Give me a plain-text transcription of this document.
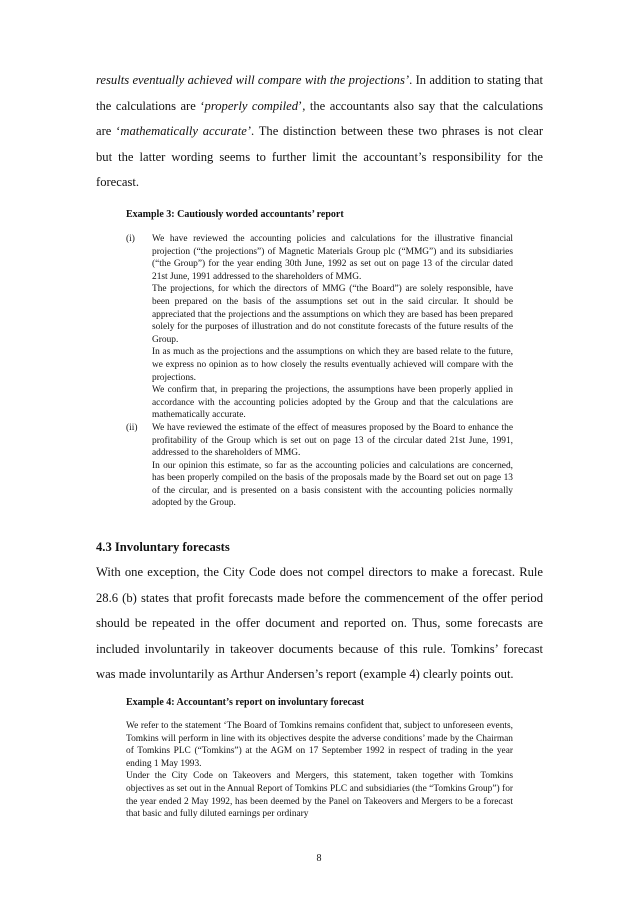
results eventually achieved will compare with the projections’. In addition to stating that the calculations are ‘properly compiled’, the accountants also say that the calculations are ‘mathematically accurate’. The distinction between these two phrases is not clear but the latter wording seems to further limit the accountant’s responsibility for the forecast.
Example 3: Cautiously worded accountants’ report
(i)	We have reviewed the accounting policies and calculations for the illustrative financial projection (“the projections”) of Magnetic Materials Group plc (“MMG”) and its subsidiaries (“the Group”) for the year ending 30th June, 1992 as set out on page 13 of the circular dated 21st June, 1991 addressed to the shareholders of MMG.
The projections, for which the directors of MMG (“the Board”) are solely responsible, have been prepared on the basis of the assumptions set out in the said circular. It should be appreciated that the projections and the assumptions on which they are based has been prepared solely for the purposes of illustration and do not constitute forecasts of the future results of the Group.
In as much as the projections and the assumptions on which they are based relate to the future, we express no opinion as to how closely the results eventually achieved will compare with the projections.
We confirm that, in preparing the projections, the assumptions have been properly applied in accordance with the accounting policies adopted by the Group and that the calculations are mathematically accurate.
(ii)	We have reviewed the estimate of the effect of measures proposed by the Board to enhance the profitability of the Group which is set out on page 13 of the circular dated 21st June, 1991, addressed to the shareholders of MMG.
In our opinion this estimate, so far as the accounting policies and calculations are concerned, has been properly compiled on the basis of the proposals made by the Board set out on page 13 of the circular, and is presented on a basis consistent with the accounting policies normally adopted by the Group.
4.3 Involuntary forecasts
With one exception, the City Code does not compel directors to make a forecast. Rule 28.6 (b) states that profit forecasts made before the commencement of the offer period should be repeated in the offer document and reported on. Thus, some forecasts are included involuntarily in takeover documents because of this rule. Tomkins’ forecast was made involuntarily as Arthur Andersen’s report (example 4) clearly points out.
Example 4: Accountant’s report on involuntary forecast
We refer to the statement ‘The Board of Tomkins remains confident that, subject to unforeseen events, Tomkins will perform in line with its objectives despite the adverse conditions’ made by the Chairman of Tomkins PLC (“Tomkins”) at the AGM on 17 September 1992 in respect of trading in the year ending 1 May 1993.
Under the City Code on Takeovers and Mergers, this statement, taken together with Tomkins objectives as set out in the Annual Report of Tomkins PLC and subsidiaries (the “Tomkins Group”) for the year ended 2 May 1992, has been deemed by the Panel on Takeovers and Mergers to be a forecast that basic and fully diluted earnings per ordinary
8
